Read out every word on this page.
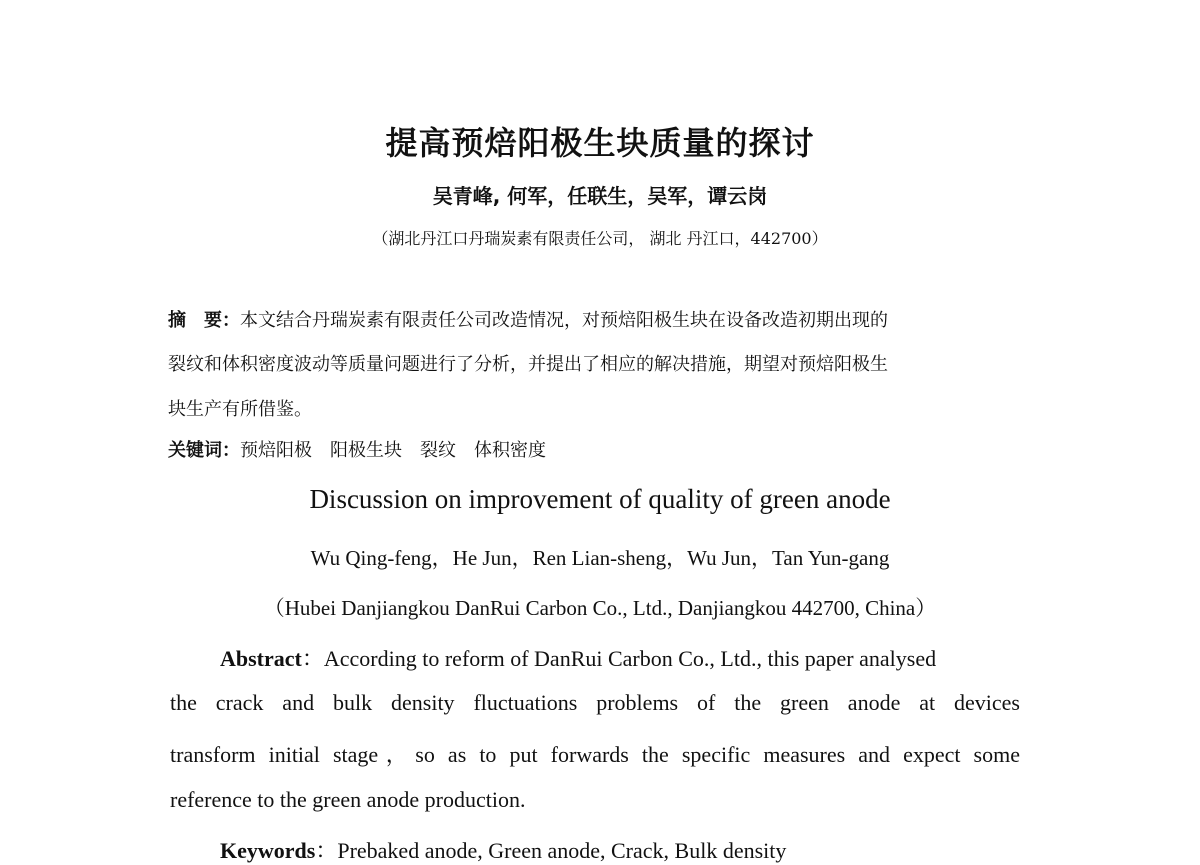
提高预焙阳极生块质量的探讨
吴青峰, 何军，任联生，吴军，谭云岗
（湖北丹江口丹瑞炭素有限责任公司， 湖北 丹江口，442700）
摘　要：本文结合丹瑞炭素有限责任公司改造情况，对预焙阳极生块在设备改造初期出现的
裂纹和体积密度波动等质量问题进行了分析，并提出了相应的解决措施，期望对预焙阳极生
块生产有所借鉴。
关键词：预焙阳极　阳极生块　裂纹　体积密度
Discussion on improvement of quality of green anode
Wu Qing-feng，He Jun，Ren Lian-sheng，Wu Jun，Tan Yun-gang
（Hubei Danjiangkou DanRui Carbon Co., Ltd., Danjiangkou 442700, China）
Abstract：According to reform of DanRui Carbon Co., Ltd., this paper analysed
the crack and bulk density fluctuations problems of the green anode at devices
transform initial stage，so as to put forwards the specific measures and expect some
reference to the green anode production.
Keywords：Prebaked anode, Green anode, Crack, Bulk density
